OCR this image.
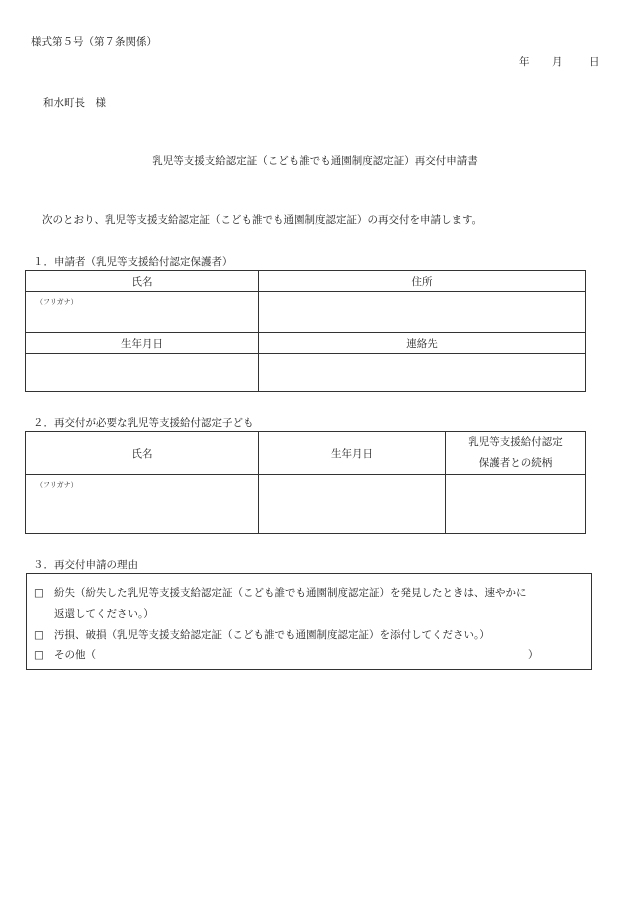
様式第５号（第７条関係）
年 月	日
和水町長　様
乳児等支援支給認定証（こども誰でも通園制度認定証）再交付申請書
次のとおり、乳児等支援支給認定証（こども誰でも通園制度認定証）の再交付を申請します。
１．申請者（乳児等支援給付認定保護者）
氏名	住所
（フリガナ）	
生年月日	連絡先

２．再交付が必要な乳児等支援給付認定子ども
氏名	生年月日	乳児等支援給付認定
保護者との続柄

（フリガナ）		
３．再交付申請の理由
□ 紛失（紛失した乳児等支援支給認定証（こども誰でも通園制度認定証）を発見したときは、速やかに
返還してください。）
□ 汚損、破損（乳児等支援支給認定証（こども誰でも通園制度認定証）を添付してください。）
□ その他（	）
